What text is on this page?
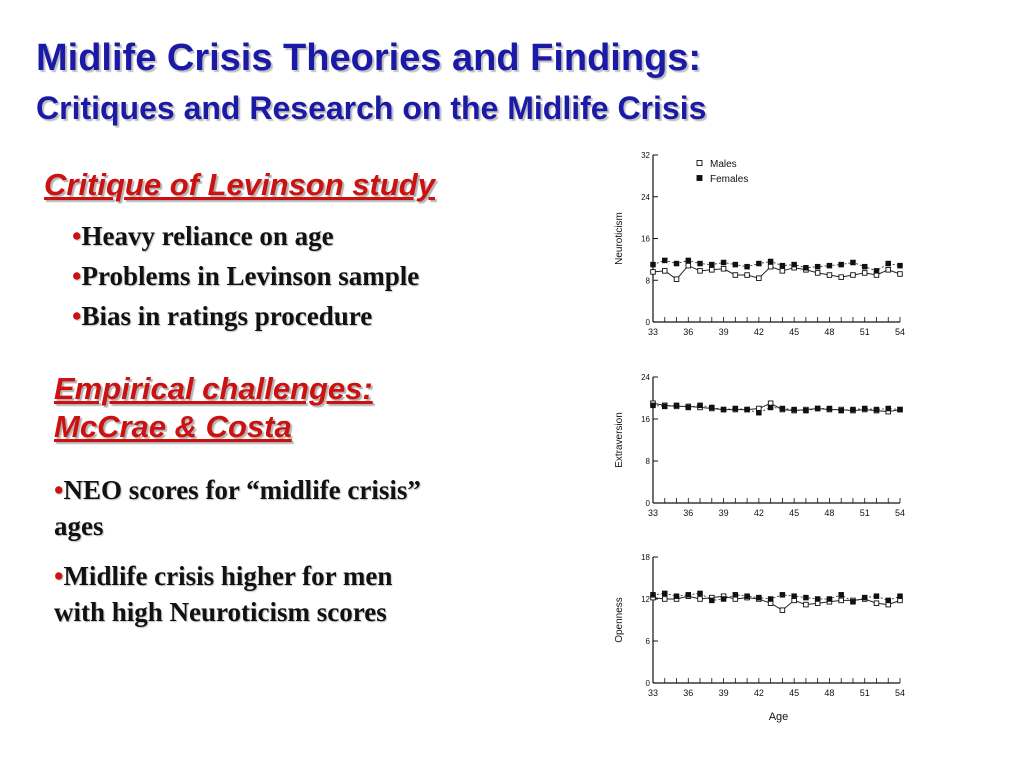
Midlife Crisis Theories and Findings:
Critiques and Research on the Midlife Crisis
Critique of Levinson study
•Heavy reliance on age
•Problems in Levinson sample
•Bias in ratings procedure
Empirical challenges:
McCrae & Costa
•NEO scores for “midlife crisis”
ages
•Midlife crisis higher for men
with high Neuroticism scores
0
8
16
24
32
33	36	39	42	45	48	51	54
Neuroticism
Males
Females
0
8
16
24
33	36	39	42	45	48	51	54
Extraversion
0
6
12
18
33	36	39	42	45	48	51	54
Openness
Age
